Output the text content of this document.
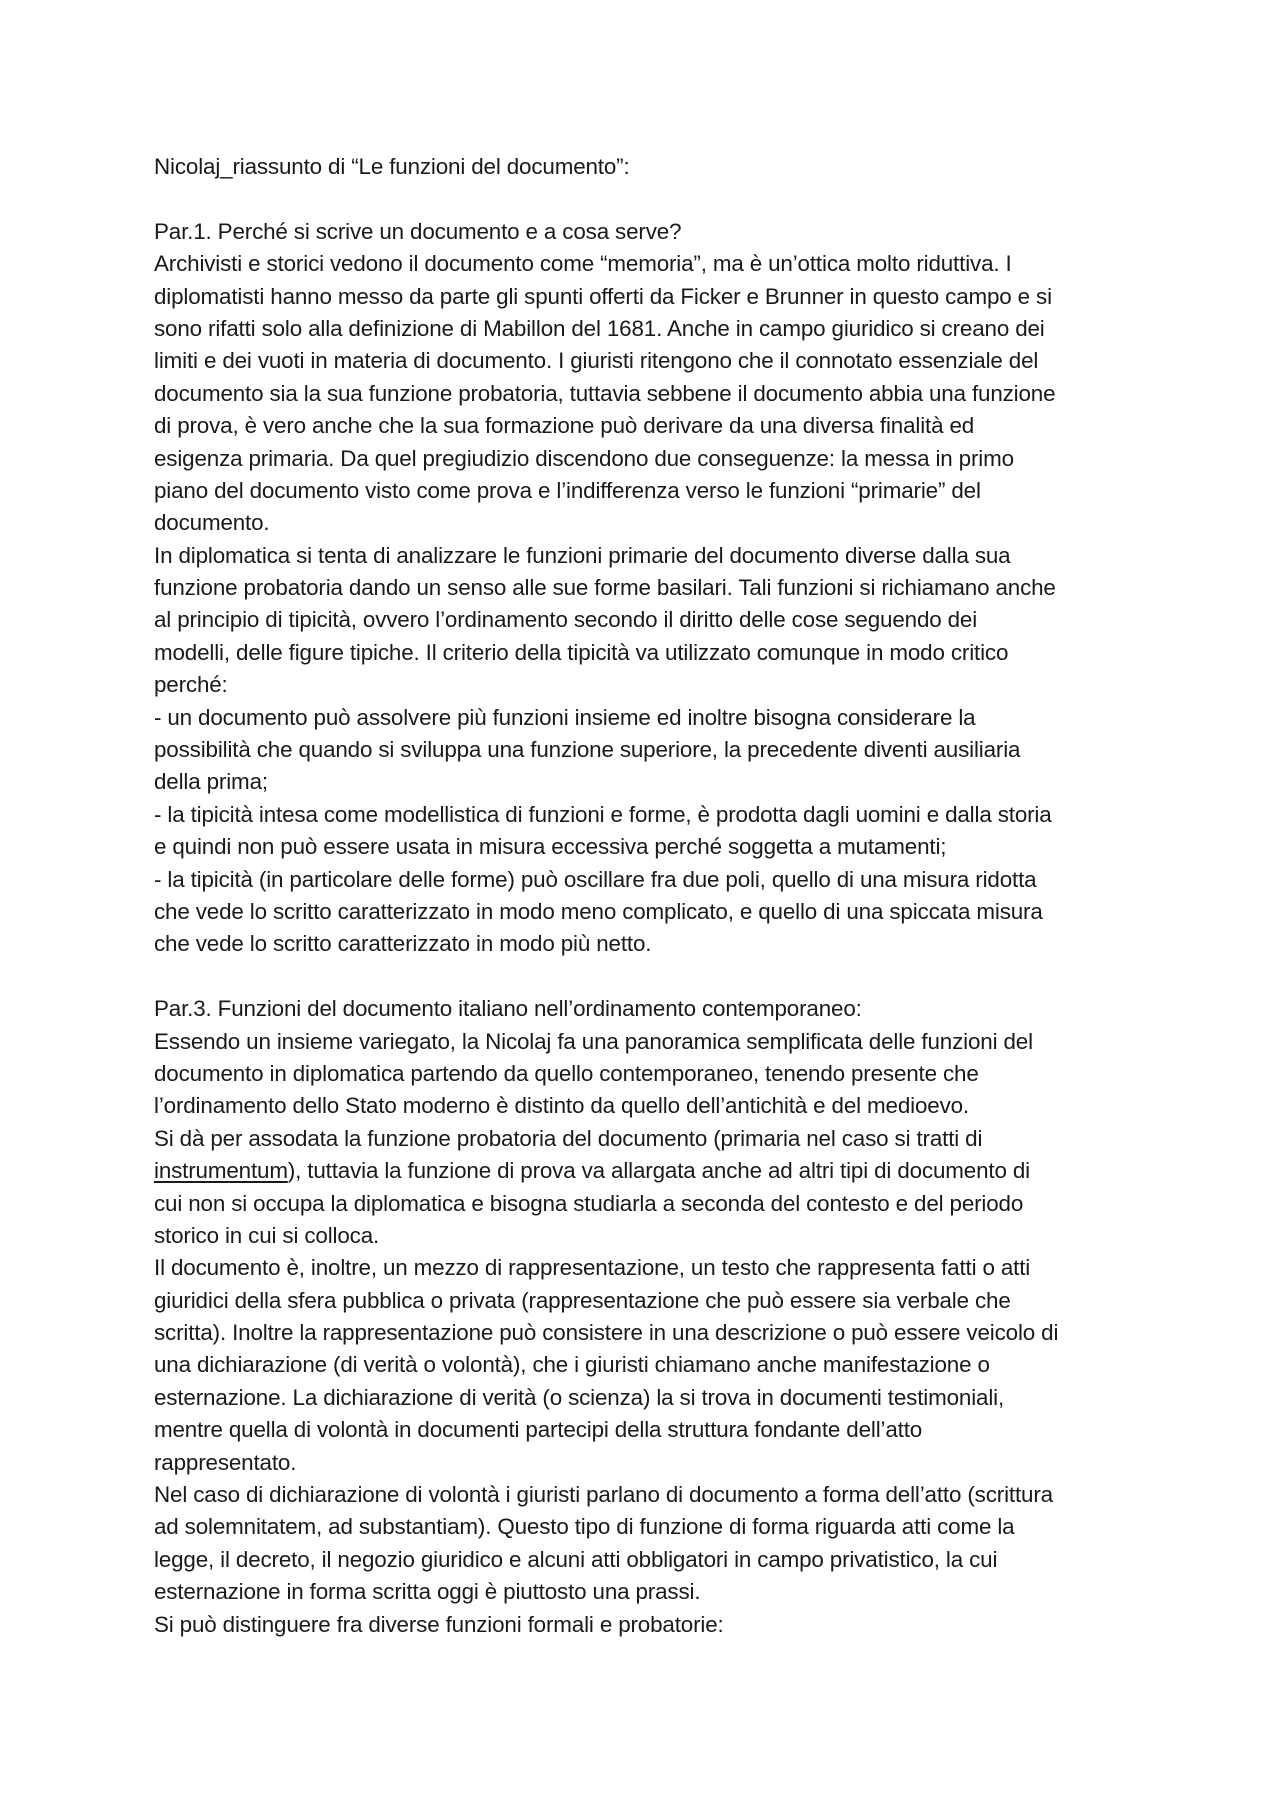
Nicolaj_riassunto di “Le funzioni del documento”:
Par.1. Perché si scrive un documento e a cosa serve?
Archivisti e storici vedono il documento come “memoria”, ma è un’ottica molto riduttiva. I
diplomatisti hanno messo da parte gli spunti offerti da Ficker e Brunner in questo campo e si
sono rifatti solo alla definizione di Mabillon del 1681. Anche in campo giuridico si creano dei
limiti e dei vuoti in materia di documento. I giuristi ritengono che il connotato essenziale del
documento sia la sua funzione probatoria, tuttavia sebbene il documento abbia una funzione
di prova, è vero anche che la sua formazione può derivare da una diversa finalità ed
esigenza primaria. Da quel pregiudizio discendono due conseguenze: la messa in primo
piano del documento visto come prova e l’indifferenza verso le funzioni “primarie” del
documento.
In diplomatica si tenta di analizzare le funzioni primarie del documento diverse dalla sua
funzione probatoria dando un senso alle sue forme basilari. Tali funzioni si richiamano anche
al principio di tipicità, ovvero l’ordinamento secondo il diritto delle cose seguendo dei
modelli, delle figure tipiche. Il criterio della tipicità va utilizzato comunque in modo critico
perché:
- un documento può assolvere più funzioni insieme ed inoltre bisogna considerare la
possibilità che quando si sviluppa una funzione superiore, la precedente diventi ausiliaria
della prima;
- la tipicità intesa come modellistica di funzioni e forme, è prodotta dagli uomini e dalla storia
e quindi non può essere usata in misura eccessiva perché soggetta a mutamenti;
- la tipicità (in particolare delle forme) può oscillare fra due poli, quello di una misura ridotta
che vede lo scritto caratterizzato in modo meno complicato, e quello di una spiccata misura
che vede lo scritto caratterizzato in modo più netto.
Par.3. Funzioni del documento italiano nell’ordinamento contemporaneo:
Essendo un insieme variegato, la Nicolaj fa una panoramica semplificata delle funzioni del
documento in diplomatica partendo da quello contemporaneo, tenendo presente che
l’ordinamento dello Stato moderno è distinto da quello dell’antichità e del medioevo.
Si dà per assodata la funzione probatoria del documento (primaria nel caso si tratti di
instrumentum), tuttavia la funzione di prova va allargata anche ad altri tipi di documento di
cui non si occupa la diplomatica e bisogna studiarla a seconda del contesto e del periodo
storico in cui si colloca.
Il documento è, inoltre, un mezzo di rappresentazione, un testo che rappresenta fatti o atti
giuridici della sfera pubblica o privata (rappresentazione che può essere sia verbale che
scritta). Inoltre la rappresentazione può consistere in una descrizione o può essere veicolo di
una dichiarazione (di verità o volontà), che i giuristi chiamano anche manifestazione o
esternazione. La dichiarazione di verità (o scienza) la si trova in documenti testimoniali,
mentre quella di volontà in documenti partecipi della struttura fondante dell’atto
rappresentato.
Nel caso di dichiarazione di volontà i giuristi parlano di documento a forma dell’atto (scrittura
ad solemnitatem, ad substantiam). Questo tipo di funzione di forma riguarda atti come la
legge, il decreto, il negozio giuridico e alcuni atti obbligatori in campo privatistico, la cui
esternazione in forma scritta oggi è piuttosto una prassi.
Si può distinguere fra diverse funzioni formali e probatorie:
